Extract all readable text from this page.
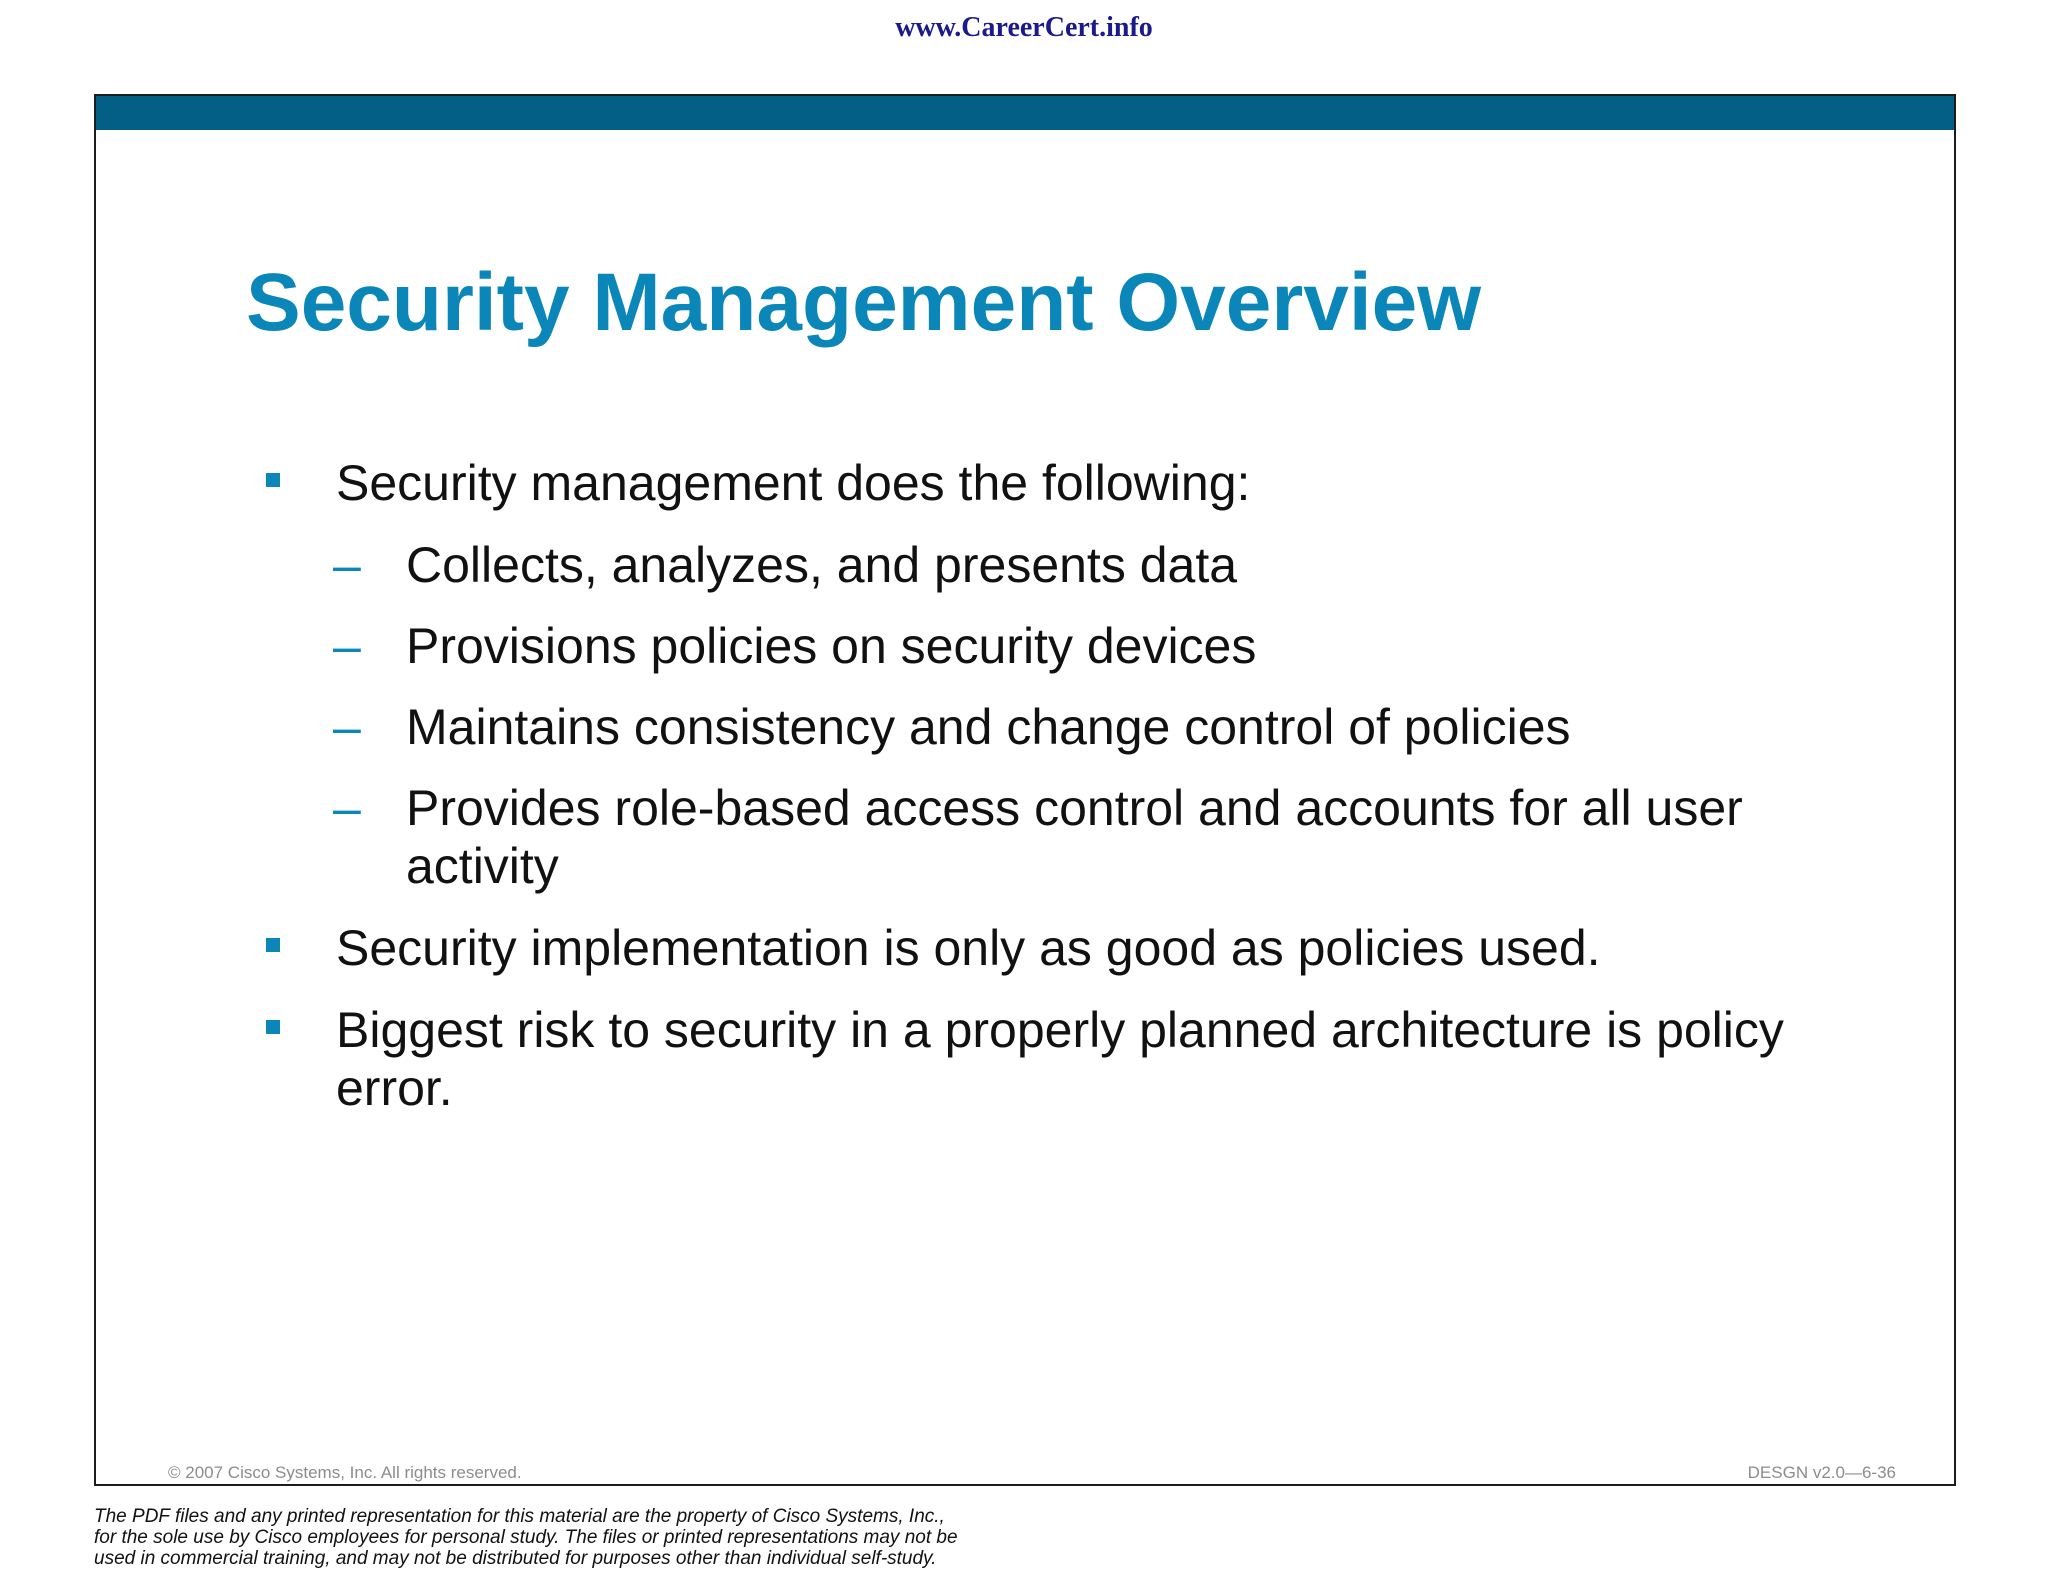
www.CareerCert.info
Security Management Overview
Security management does the following:
– Collects, analyzes, and presents data
– Provisions policies on security devices
– Maintains consistency and change control of policies
– Provides role-based access control and accounts for all user activity
Security implementation is only as good as policies used.
Biggest risk to security in a properly planned architecture is policy error.
© 2007 Cisco Systems, Inc. All rights reserved.	DESGN v2.0—6-36
The PDF files and any printed representation for this material are the property of Cisco Systems, Inc.,
for the sole use by Cisco employees for personal study. The files or printed representations may not be
used in commercial training, and may not be distributed for purposes other than individual self-study.
